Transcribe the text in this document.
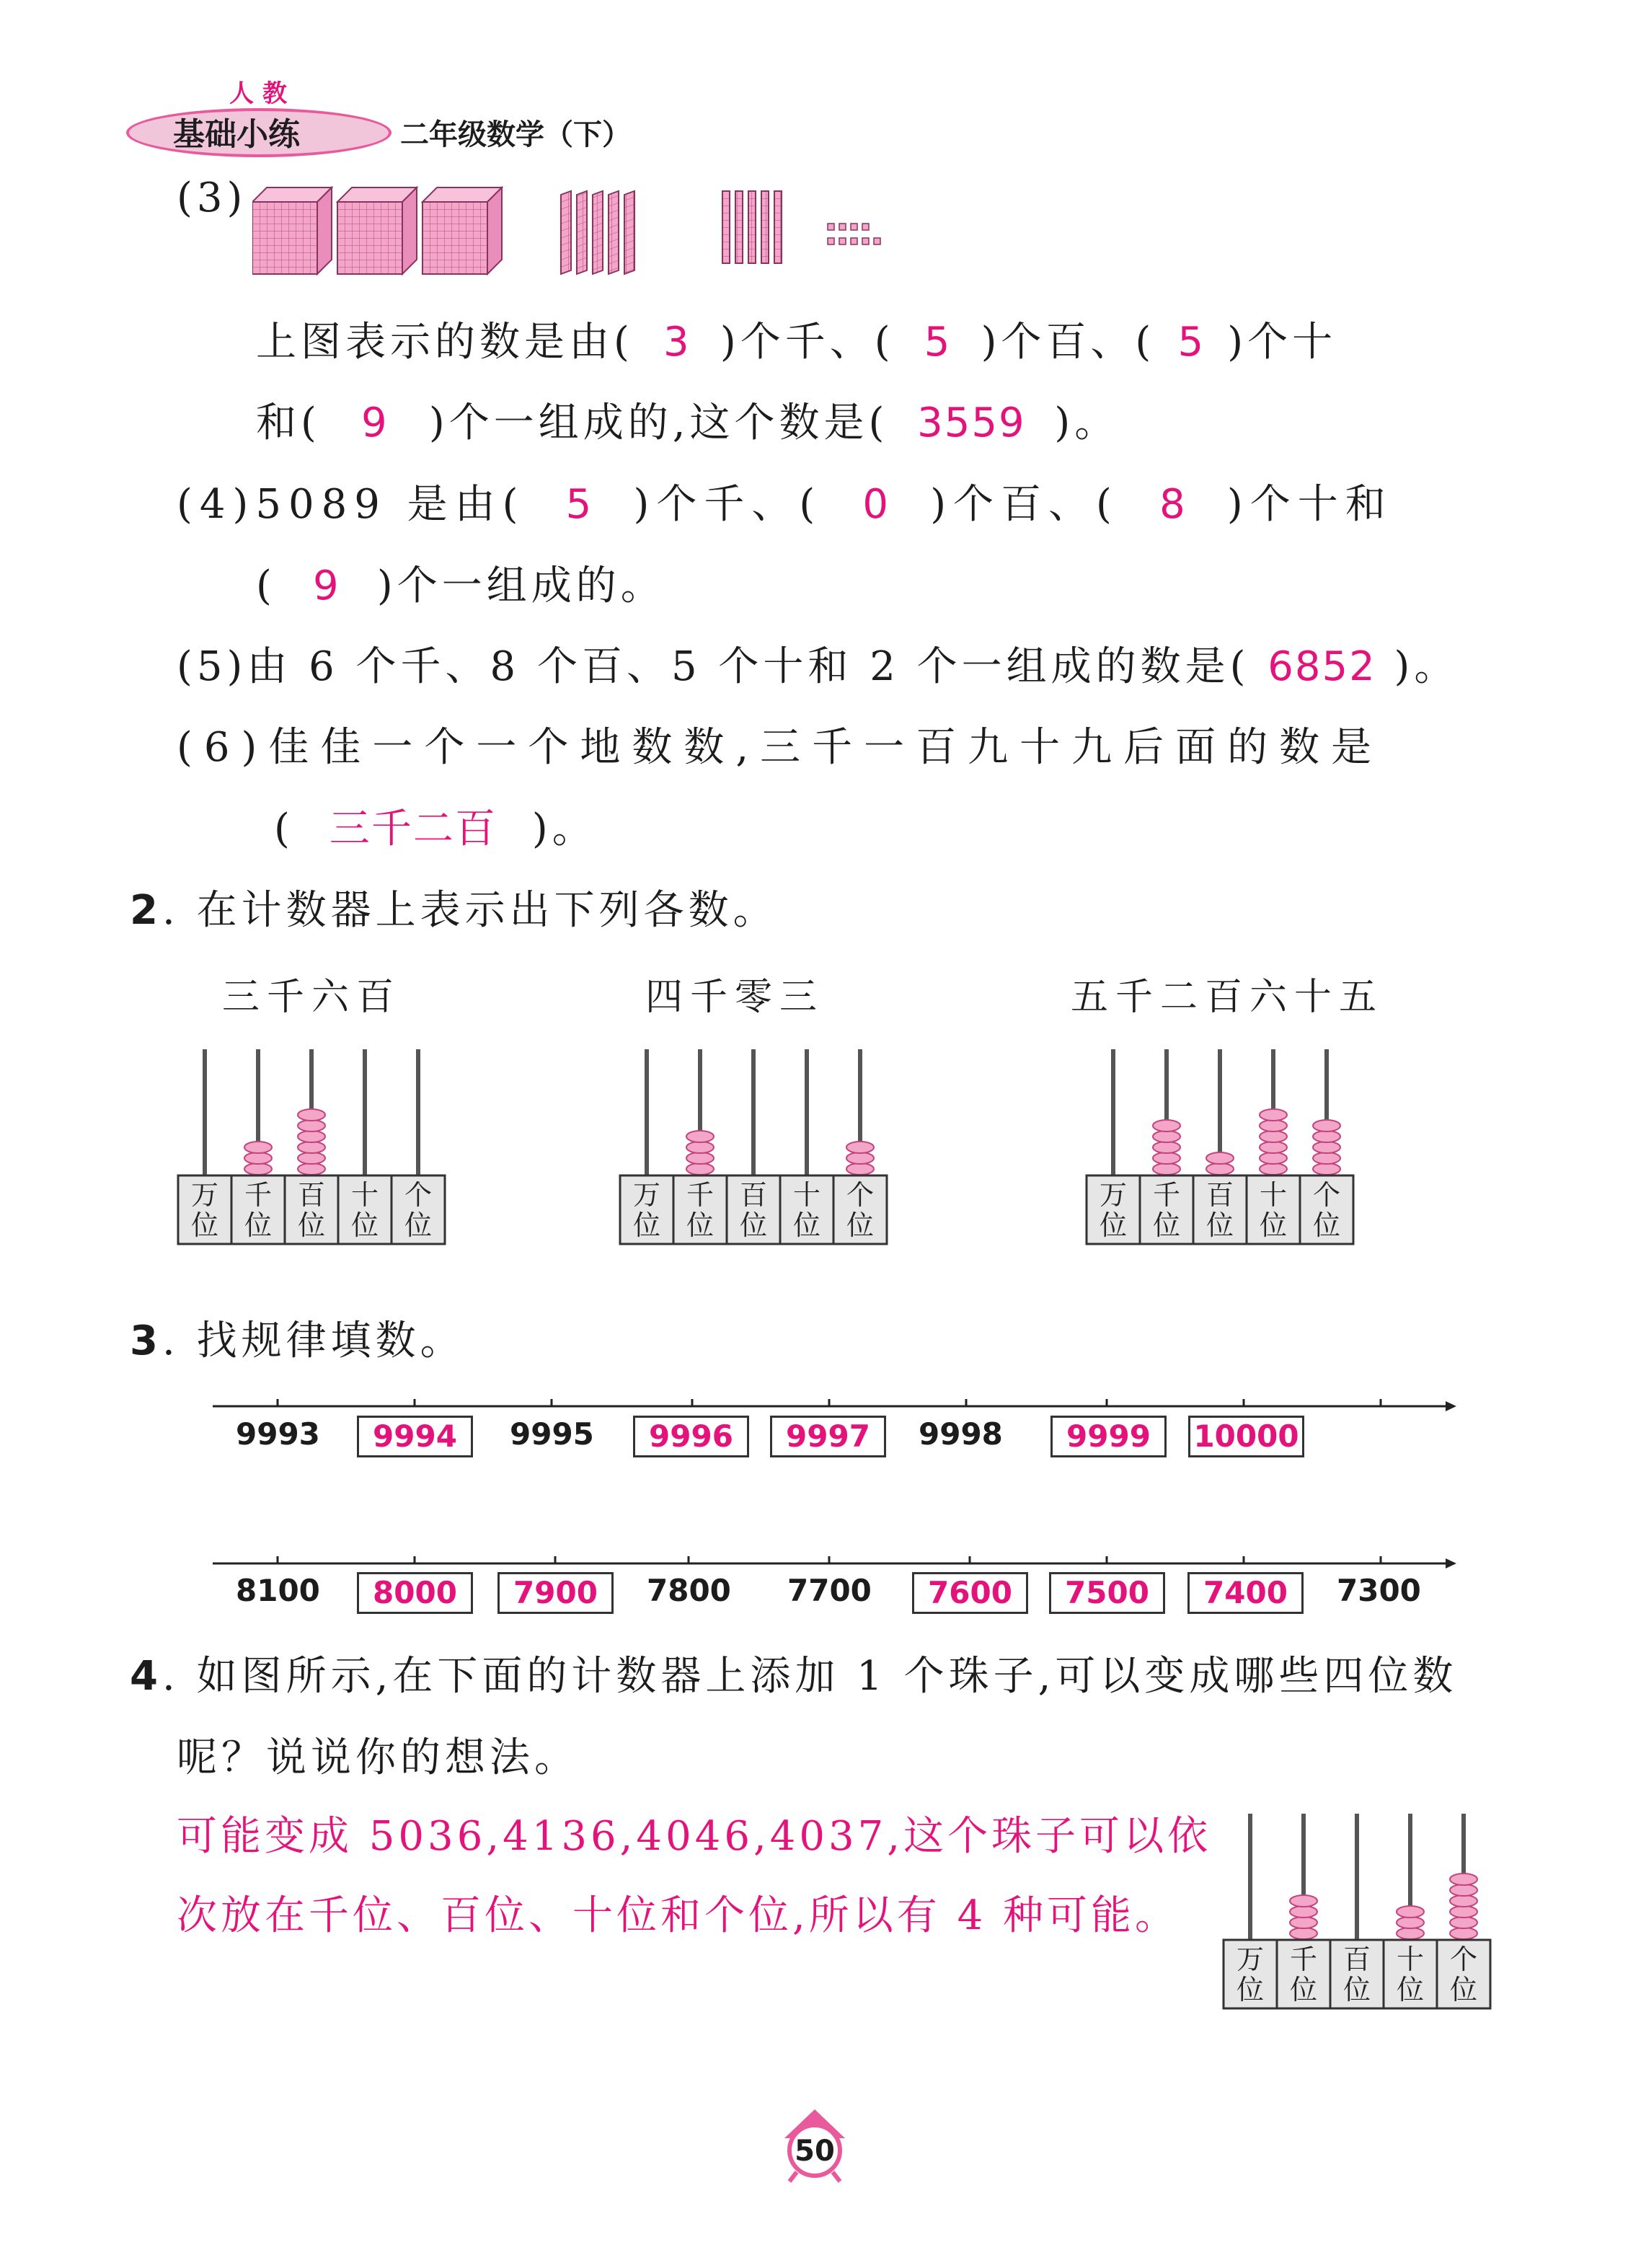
人教
基础小练	二年级数学（下）
(3)
上图表示的数是由( 3 )个千、( 5 )个百、( 5 )个十
和( 9 )个一组成的,这个数是( 3559 )。
(4)5089 是由( 5 )个千、( 0 )个百、( 8 )个十和
( 9 )个一组成的。
(5)由 6 个千、8 个百、5 个十和 2 个一组成的数是( 6852 )。
(6)佳佳一个一个地数数,三千一百九十九后面的数是
( 三千二百 )。
2. 在计数器上表示出下列各数。
三千六百	四千零三	五千二百六十五
万
位
千
位
百
位
十
位
个
位
万
位
千
位
百
位
十
位
个
位
万
位
千
位
百
位
十
位
个
位
3. 找规律填数。
9993	9994	9995	9996	9997	9998	9999	10000
8100	8000	7900	7800 7700	7600	7500	7400	7300
4. 如图所示,在下面的计数器上添加 1 个珠子,可以变成哪些四位数
呢？说说你的想法。
可能变成 5036,4136,4046,4037,这个珠子可以依
次放在千位、百位、十位和个位,所以有 4 种可能。
万
位
千
位
百
位
十
位
个
位
50
